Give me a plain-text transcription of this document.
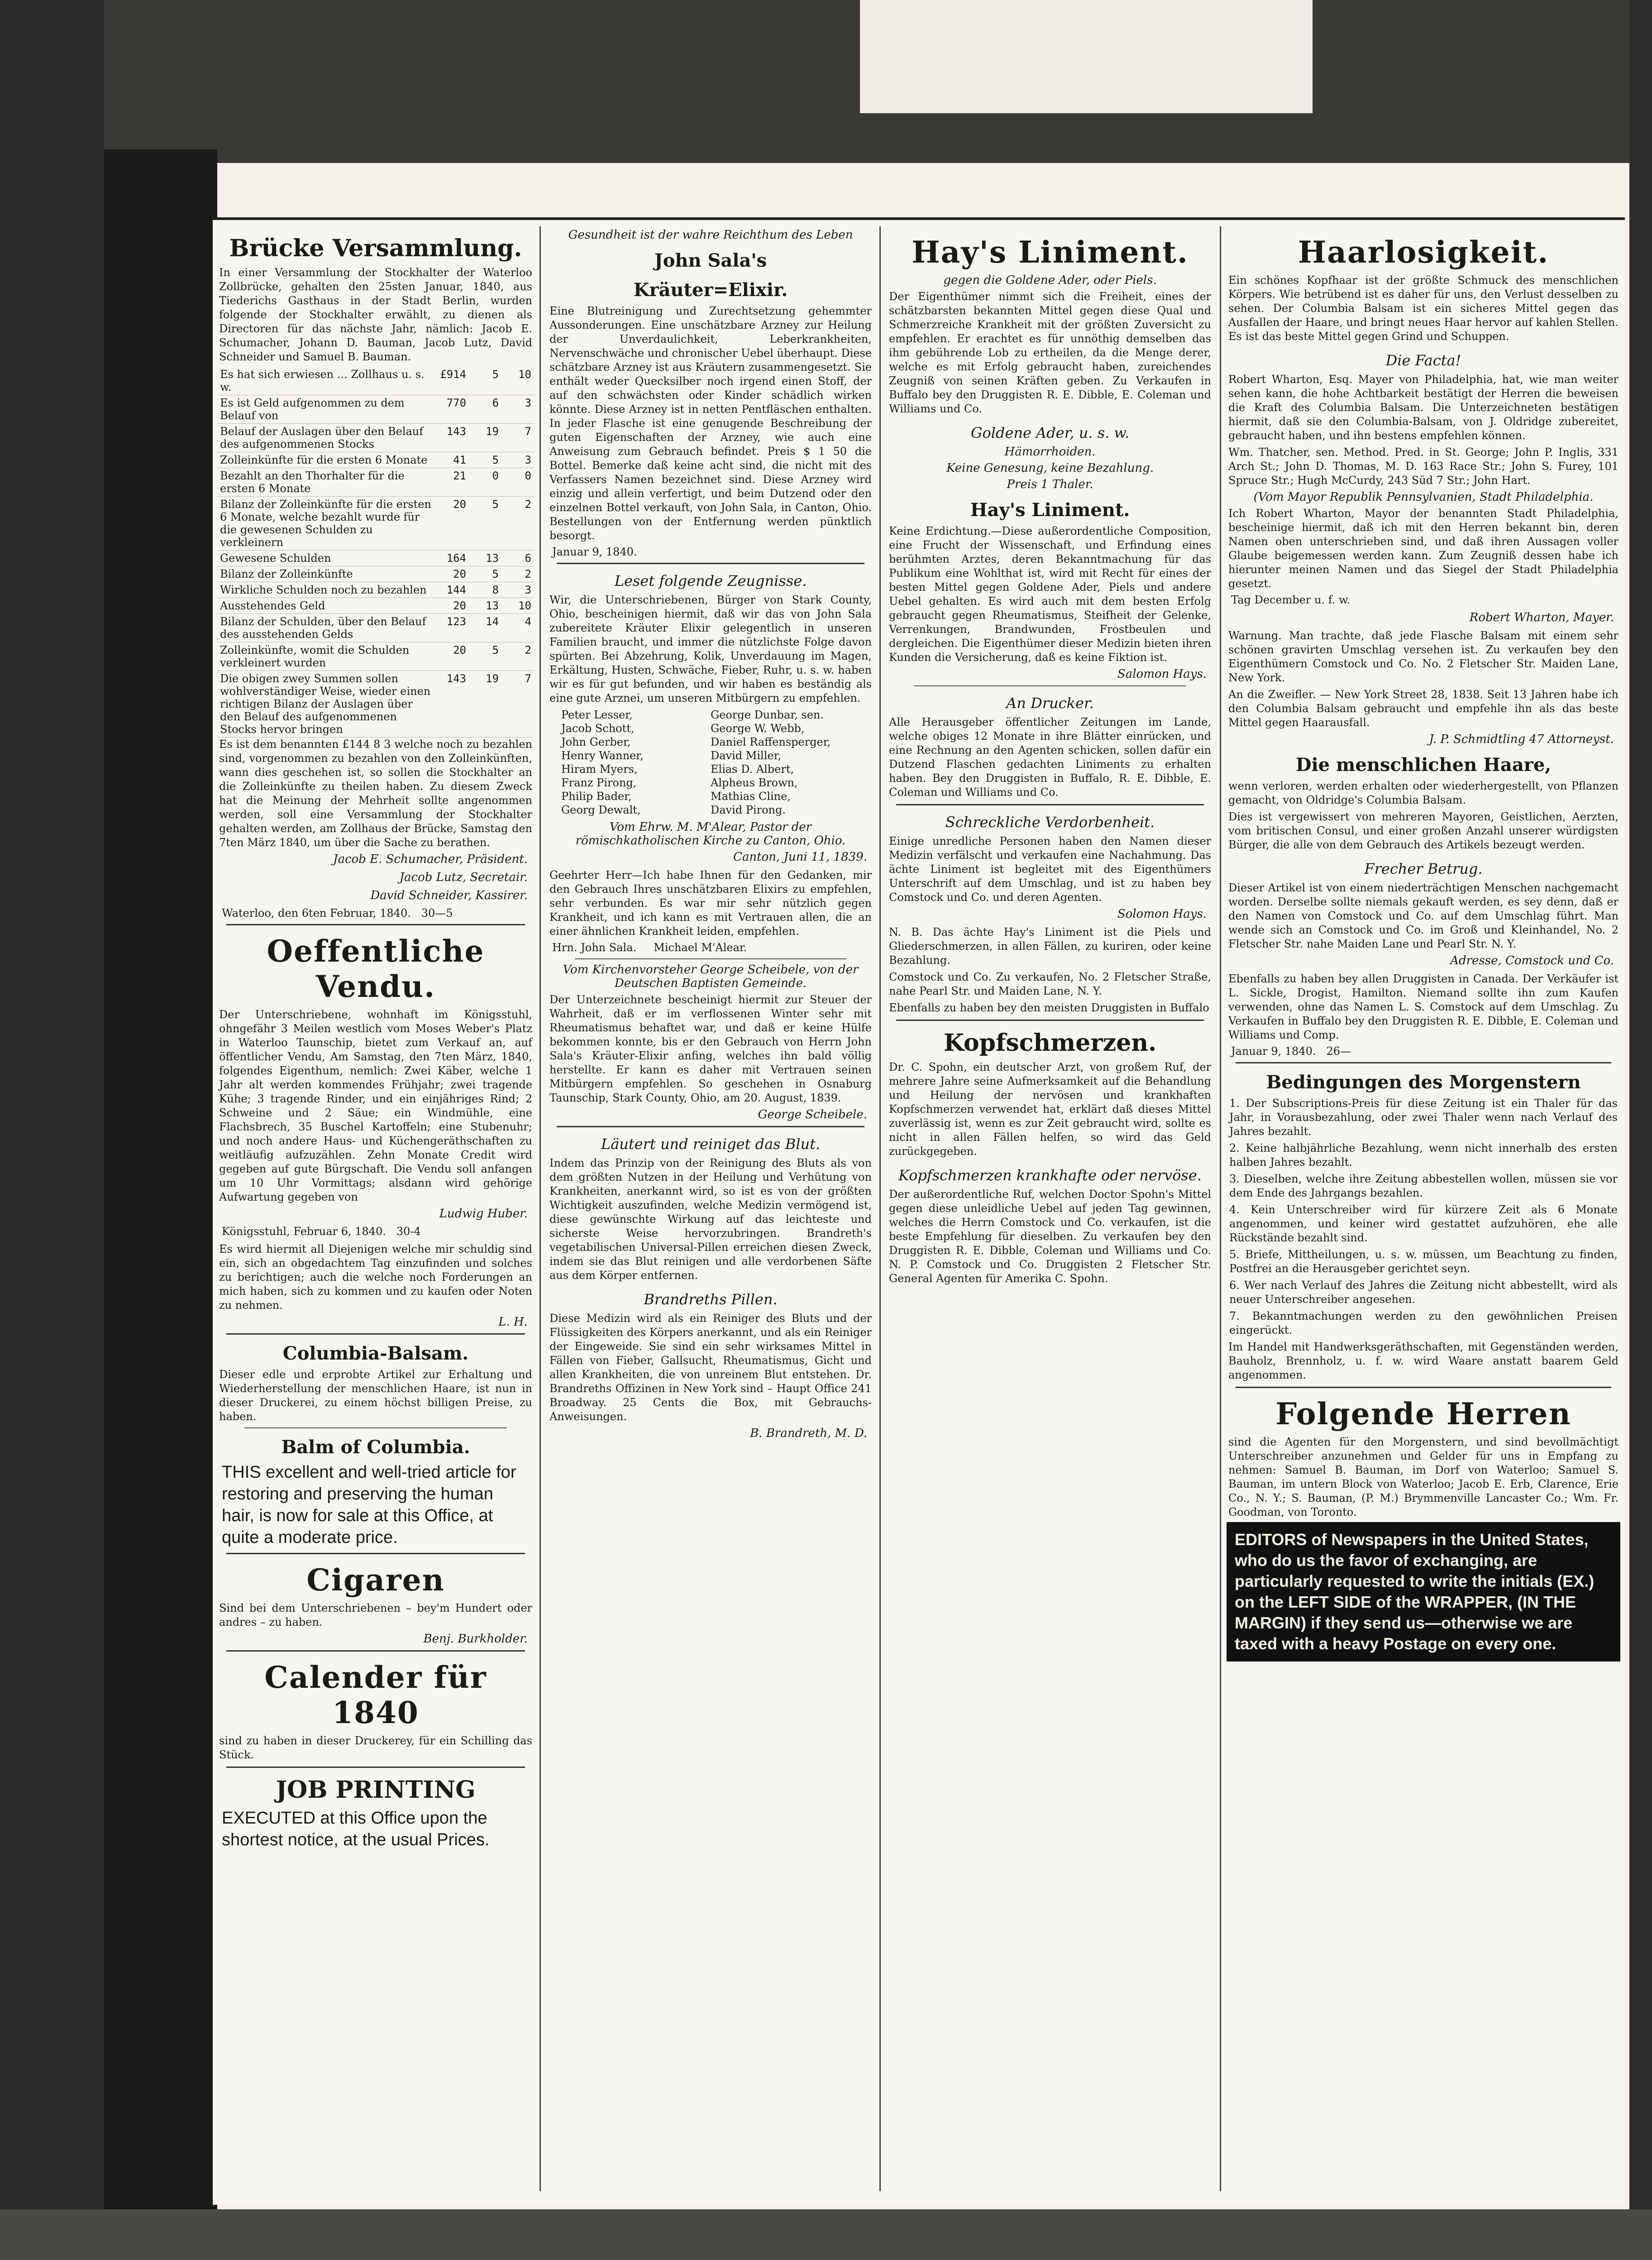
Brücke Versammlung.

In einer Versammlung der Stockhalter der Waterloo Zollbrücke, gehalten den 25sten Januar, 1840, aus Tiederichs Gasthaus in der Stadt Berlin, wurden folgende der Stockhalter erwählt, zu dienen als Directoren für das nächste Jahr, nämlich: Jacob E. Schumacher, Johann D. Bauman, Jacob Lutz, David Schneider und Samuel B. Bauman.

Es hat sich erwiesen ... Zollhaus u. s. w.	£914	5	10
Es ist Geld aufgenommen zu dem Belauf von	770	6	3
Belauf der Auslagen über den Belauf des aufgenommenen Stocks	143	19	7
Zolleinkünfte für die ersten 6 Monate	41	5	3
Bezahlt an den Thorhalter für die ersten 6 Monate	21	0	0
Bilanz der Zolleinkünfte für die ersten 6 Monate, welche bezahlt wurde für die gewesenen Schulden zu verkleinern	20	5	2
Gewesene Schulden	164	13	6
Bilanz der Zolleinkünfte	20	5	2
Wirkliche Schulden noch zu bezahlen	144	8	3
Ausstehendes Geld	20	13	10
Bilanz der Schulden, über den Belauf des ausstehenden Gelds	123	14	4
Zolleinkünfte, womit die Schulden verkleinert wurden	20	5	2
Die obigen zwey Summen sollen wohlverständiger Weise, wieder einen richtigen Bilanz der Auslagen über den Belauf des aufgenommenen Stocks hervor bringen	143	19	7

Es ist dem benannten £144 8 3 welche noch zu bezahlen sind, vorgenommen zu bezahlen von den Zolleinkünften, wann dies geschehen ist, so sollen die Stockhalter an die Zolleinkünfte zu theilen haben. Zu diesem Zweck hat die Meinung der Mehrheit sollte angenommen werden, soll eine Versammlung der Stockhalter gehalten werden, am Zollhaus der Brücke, Samstag den 7ten März 1840, um über die Sache zu berathen.

Jacob E. Schumacher, Präsident.
Jacob Lutz, Secretair.
David Schneider, Kassirer.
Waterloo, den 6ten Februar, 1840. 30—5
Oeffentliche Vendu.

Der Unterschriebene, wohnhaft im Königsstuhl, ohngefähr 3 Meilen westlich vom Moses Weber's Platz in Waterloo Taunschip, bietet zum Verkauf an, auf öffentlicher Vendu, Am Samstag, den 7ten März, 1840, folgendes Eigenthum, nemlich: Zwei Käber, welche 1 Jahr alt werden kommendes Frühjahr; zwei tragende Kühe; 3 tragende Rinder, und ein einjähriges Rind; 2 Schweine und 2 Säue; ein Windmühle, eine Flachsbrech, 35 Buschel Kartoffeln; eine Stubenuhr; und noch andere Haus- und Küchengeräthschaften zu weitläufig aufzuzählen. Zehn Monate Credit wird gegeben auf gute Bürgschaft. Die Vendu soll anfangen um 10 Uhr Vormittags; alsdann wird gehörige Aufwartung gegeben von

Ludwig Huber.
Königsstuhl, Februar 6, 1840. 30-4

Es wird hiermit all Diejenigen welche mir schuldig sind ein, sich an obgedachtem Tag einzufinden und solches zu berichtigen; auch die welche noch Forderungen an mich haben, sich zu kommen und zu kaufen oder Noten zu nehmen.

L. H.
Columbia-Balsam.

Dieser edle und erprobte Artikel zur Erhaltung und Wiederherstellung der menschlichen Haare, ist nun in dieser Druckerei, zu einem höchst billigen Preise, zu haben.

Balm of Columbia.

THIS excellent and well-tried article for restoring and preserving the human hair, is now for sale at this Office, at quite a moderate price.

Cigaren

Sind bei dem Unterschriebenen – bey'm Hundert oder andres – zu haben.

Benj. Burkholder.
Calender für 1840

sind zu haben in dieser Druckerey, für ein Schilling das Stück.

JOB PRINTING

EXECUTED at this Office upon the shortest notice, at the usual Prices.

Gesundheit ist der wahre Reichthum des Leben
John Sala's
Kräuter=Elixir.

Eine Blutreinigung und Zurechtsetzung gehemmter Aussonderungen. Eine unschätzbare Arzney zur Heilung der Unverdaulichkeit, Leberkrankheiten, Nervenschwäche und chronischer Uebel überhaupt. Diese schätzbare Arzney ist aus Kräutern zusammengesetzt. Sie enthält weder Quecksilber noch irgend einen Stoff, der auf den schwächsten oder Kinder schädlich wirken könnte. Diese Arzney ist in netten Pentfläschen enthalten. In jeder Flasche ist eine genugende Beschreibung der guten Eigenschaften der Arzney, wie auch eine Anweisung zum Gebrauch befindet. Preis $ 1 50 die Bottel. Bemerke daß keine acht sind, die nicht mit des Verfassers Namen bezeichnet sind. Diese Arzney wird einzig und allein verfertigt, und beim Dutzend oder den einzelnen Bottel verkauft, von John Sala, in Canton, Ohio. Bestellungen von der Entfernung werden pünktlich besorgt.

Januar 9, 1840.
Leset folgende Zeugnisse.

Wir, die Unterschriebenen, Bürger von Stark County, Ohio, bescheinigen hiermit, daß wir das von John Sala zubereitete Kräuter Elixir gelegentlich in unseren Familien braucht, und immer die nützlichste Folge davon spürten. Bei Abzehrung, Kolik, Unverdauung im Magen, Erkältung, Husten, Schwäche, Fieber, Ruhr, u. s. w. haben wir es für gut befunden, und wir haben es beständig als eine gute Arznei, um unseren Mitbürgern zu empfehlen.

Peter Lesser,	George Dunbar, sen.
Jacob Schott,	George W. Webb,
John Gerber,	Daniel Raffensperger,
Henry Wanner,	David Miller,
Hiram Myers,	Elias D. Albert,
Franz Pirong,	Alpheus Brown,
Philip Bader,	Mathias Cline,
Georg Dewalt,	David Pirong.
Vom Ehrw. M. M'Alear, Pastor der römischkatholischen Kirche zu Canton, Ohio.
Canton, Juni 11, 1839.

Geehrter Herr—Ich habe Ihnen für den Gedanken, mir den Gebrauch Ihres unschätzbaren Elixirs zu empfehlen, sehr verbunden. Es war mir sehr nützlich gegen Krankheit, und ich kann es mit Vertrauen allen, die an einer ähnlichen Krankheit leiden, empfehlen.

Hrn. John Sala. Michael M'Alear.
Vom Kirchenvorsteher George Scheibele, von der Deutschen Baptisten Gemeinde.

Der Unterzeichnete bescheinigt hiermit zur Steuer der Wahrheit, daß er im verflossenen Winter sehr mit Rheumatismus behaftet war, und daß er keine Hülfe bekommen konnte, bis er den Gebrauch von Herrn John Sala's Kräuter-Elixir anfing, welches ihn bald völlig herstellte. Er kann es daher mit Vertrauen seinen Mitbürgern empfehlen. So geschehen in Osnaburg Taunschip, Stark County, Ohio, am 20. August, 1839.

George Scheibele.
Läutert und reiniget das Blut.

Indem das Prinzip von der Reinigung des Bluts als von dem größten Nutzen in der Heilung und Verhütung von Krankheiten, anerkannt wird, so ist es von der größten Wichtigkeit auszufinden, welche Medizin vermögend ist, diese gewünschte Wirkung auf das leichteste und sicherste Weise hervorzubringen. Brandreth's vegetabilischen Universal-Pillen erreichen diesen Zweck, indem sie das Blut reinigen und alle verdorbenen Säfte aus dem Körper entfernen.

Brandreths Pillen.

Diese Medizin wird als ein Reiniger des Bluts und der Flüssigkeiten des Körpers anerkannt, und als ein Reiniger der Eingeweide. Sie sind ein sehr wirksames Mittel in Fällen von Fieber, Gallsucht, Rheumatismus, Gicht und allen Krankheiten, die von unreinem Blut entstehen. Dr. Brandreths Offizinen in New York sind – Haupt Office 241 Broadway. 25 Cents die Box, mit Gebrauchs-Anweisungen.

B. Brandreth, M. D.
Hay's Liniment.
gegen die Goldene Ader, oder Piels.

Der Eigenthümer nimmt sich die Freiheit, eines der schätzbarsten bekannten Mittel gegen diese Qual und Schmerzreiche Krankheit mit der größten Zuversicht zu empfehlen. Er erachtet es für unnöthig demselben das ihm gebührende Lob zu ertheilen, da die Menge derer, welche es mit Erfolg gebraucht haben, zureichendes Zeugniß von seinen Kräften geben. Zu Verkaufen in Buffalo bey den Druggisten R. E. Dibble, E. Coleman und Williams und Co.

Goldene Ader, u. s. w.
Hämorrhoiden.
Keine Genesung, keine Bezahlung.
Preis 1 Thaler.
Hay's Liniment.

Keine Erdichtung.—Diese außerordentliche Composition, eine Frucht der Wissenschaft, und Erfindung eines berühmten Arztes, deren Bekanntmachung für das Publikum eine Wohlthat ist, wird mit Recht für eines der besten Mittel gegen Goldene Ader, Piels und andere Uebel gehalten. Es wird auch mit dem besten Erfolg gebraucht gegen Rheumatismus, Steifheit der Gelenke, Verrenkungen, Brandwunden, Frostbeulen und dergleichen. Die Eigenthümer dieser Medizin bieten ihren Kunden die Versicherung, daß es keine Fiktion ist.

Salomon Hays.
An Drucker.

Alle Herausgeber öffentlicher Zeitungen im Lande, welche obiges 12 Monate in ihre Blätter einrücken, und eine Rechnung an den Agenten schicken, sollen dafür ein Dutzend Flaschen gedachten Liniments zu erhalten haben. Bey den Druggisten in Buffalo, R. E. Dibble, E. Coleman und Williams und Co.

Schreckliche Verdorbenheit.

Einige unredliche Personen haben den Namen dieser Medizin verfälscht und verkaufen eine Nachahmung. Das ächte Liniment ist begleitet mit des Eigenthümers Unterschrift auf dem Umschlag, und ist zu haben bey Comstock und Co. und deren Agenten.

Solomon Hays.

N. B. Das ächte Hay's Liniment ist die Piels und Gliederschmerzen, in allen Fällen, zu kuriren, oder keine Bezahlung.

Comstock und Co. Zu verkaufen, No. 2 Fletscher Straße, nahe Pearl Str. und Maiden Lane, N. Y.

Ebenfalls zu haben bey den meisten Druggisten in Buffalo

Kopfschmerzen.

Dr. C. Spohn, ein deutscher Arzt, von großem Ruf, der mehrere Jahre seine Aufmerksamkeit auf die Behandlung und Heilung der nervösen und krankhaften Kopfschmerzen verwendet hat, erklärt daß dieses Mittel zuverlässig ist, wenn es zur Zeit gebraucht wird, sollte es nicht in allen Fällen helfen, so wird das Geld zurückgegeben.

Kopfschmerzen krankhafte oder nervöse.

Der außerordentliche Ruf, welchen Doctor Spohn's Mittel gegen diese unleidliche Uebel auf jeden Tag gewinnen, welches die Herrn Comstock und Co. verkaufen, ist die beste Empfehlung für dieselben. Zu verkaufen bey den Druggisten R. E. Dibble, Coleman und Williams und Co. N. P. Comstock und Co. Druggisten 2 Fletscher Str. General Agenten für Amerika C. Spohn.

Haarlosigkeit.

Ein schönes Kopfhaar ist der größte Schmuck des menschlichen Körpers. Wie betrübend ist es daher für uns, den Verlust desselben zu sehen. Der Columbia Balsam ist ein sicheres Mittel gegen das Ausfallen der Haare, und bringt neues Haar hervor auf kahlen Stellen. Es ist das beste Mittel gegen Grind und Schuppen.

Die Facta!

Robert Wharton, Esq. Mayer von Philadelphia, hat, wie man weiter sehen kann, die hohe Achtbarkeit bestätigt der Herren die beweisen die Kraft des Columbia Balsam. Die Unterzeichneten bestätigen hiermit, daß sie den Columbia-Balsam, von J. Oldridge zubereitet, gebraucht haben, und ihn bestens empfehlen können.

Wm. Thatcher, sen. Method. Pred. in St. George; John P. Inglis, 331 Arch St.; John D. Thomas, M. D. 163 Race Str.; John S. Furey, 101 Spruce Str.; Hugh McCurdy, 243 Süd 7 Str.; John Hart.

(Vom Mayor Republik Pennsylvanien, Stadt Philadelphia.

Ich Robert Wharton, Mayor der benannten Stadt Philadelphia, bescheinige hiermit, daß ich mit den Herren bekannt bin, deren Namen oben unterschrieben sind, und daß ihren Aussagen voller Glaube beigemessen werden kann. Zum Zeugniß dessen habe ich hierunter meinen Namen und das Siegel der Stadt Philadelphia gesetzt.

Tag December u. f. w.
Robert Wharton, Mayer.

Warnung. Man trachte, daß jede Flasche Balsam mit einem sehr schönen gravirten Umschlag versehen ist. Zu verkaufen bey den Eigenthümern Comstock und Co. No. 2 Fletscher Str. Maiden Lane, New York.

An die Zweifler. — New York Street 28, 1838. Seit 13 Jahren habe ich den Columbia Balsam gebraucht und empfehle ihn als das beste Mittel gegen Haarausfall.

J. P. Schmidtling 47 Attorneyst.
Die menschlichen Haare,

wenn verloren, werden erhalten oder wiederhergestellt, von Pflanzen gemacht, von Oldridge's Columbia Balsam.

Dies ist vergewissert von mehreren Mayoren, Geistlichen, Aerzten, vom britischen Consul, und einer großen Anzahl unserer würdigsten Bürger, die alle von dem Gebrauch des Artikels bezeugt werden.

Frecher Betrug.

Dieser Artikel ist von einem niederträchtigen Menschen nachgemacht worden. Derselbe sollte niemals gekauft werden, es sey denn, daß er den Namen von Comstock und Co. auf dem Umschlag führt. Man wende sich an Comstock und Co. im Groß und Kleinhandel, No. 2 Fletscher Str. nahe Maiden Lane und Pearl Str. N. Y.

Adresse, Comstock und Co.

Ebenfalls zu haben bey allen Druggisten in Canada. Der Verkäufer ist L. Sickle, Drogist, Hamilton. Niemand sollte ihn zum Kaufen verwenden, ohne das Namen L. S. Comstock auf dem Umschlag. Zu Verkaufen in Buffalo bey den Druggisten R. E. Dibble, E. Coleman und Williams und Comp.

Januar 9, 1840. 26—
Bedingungen des Morgenstern

1. Der Subscriptions-Preis für diese Zeitung ist ein Thaler für das Jahr, in Vorausbezahlung, oder zwei Thaler wenn nach Verlauf des Jahres bezahlt.

2. Keine halbjährliche Bezahlung, wenn nicht innerhalb des ersten halben Jahres bezahlt.

3. Dieselben, welche ihre Zeitung abbestellen wollen, müssen sie vor dem Ende des Jahrgangs bezahlen.

4. Kein Unterschreiber wird für kürzere Zeit als 6 Monate angenommen, und keiner wird gestattet aufzuhören, ehe alle Rückstände bezahlt sind.

5. Briefe, Mittheilungen, u. s. w. müssen, um Beachtung zu finden, Postfrei an die Herausgeber gerichtet seyn.

6. Wer nach Verlauf des Jahres die Zeitung nicht abbestellt, wird als neuer Unterschreiber angesehen.

7. Bekanntmachungen werden zu den gewöhnlichen Preisen eingerückt.

Im Handel mit Handwerksgeräthschaften, mit Gegenständen werden, Bauholz, Brennholz, u. f. w. wird Waare anstatt baarem Geld angenommen.

Folgende Herren

sind die Agenten für den Morgenstern, und sind bevollmächtigt Unterschreiber anzunehmen und Gelder für uns in Empfang zu nehmen: Samuel B. Bauman, im Dorf von Waterloo; Samuel S. Bauman, im untern Block von Waterloo; Jacob E. Erb, Clarence, Erie Co., N. Y.; S. Bauman, (P. M.) Brymmenville Lancaster Co.; Wm. Fr. Goodman, von Toronto.

EDITORS of Newspapers in the United States, who do us the favor of exchanging, are particularly requested to write the initials (EX.) on the LEFT SIDE of the WRAPPER, (IN THE MARGIN) if they send us—otherwise we are taxed with a heavy Postage on every one.
